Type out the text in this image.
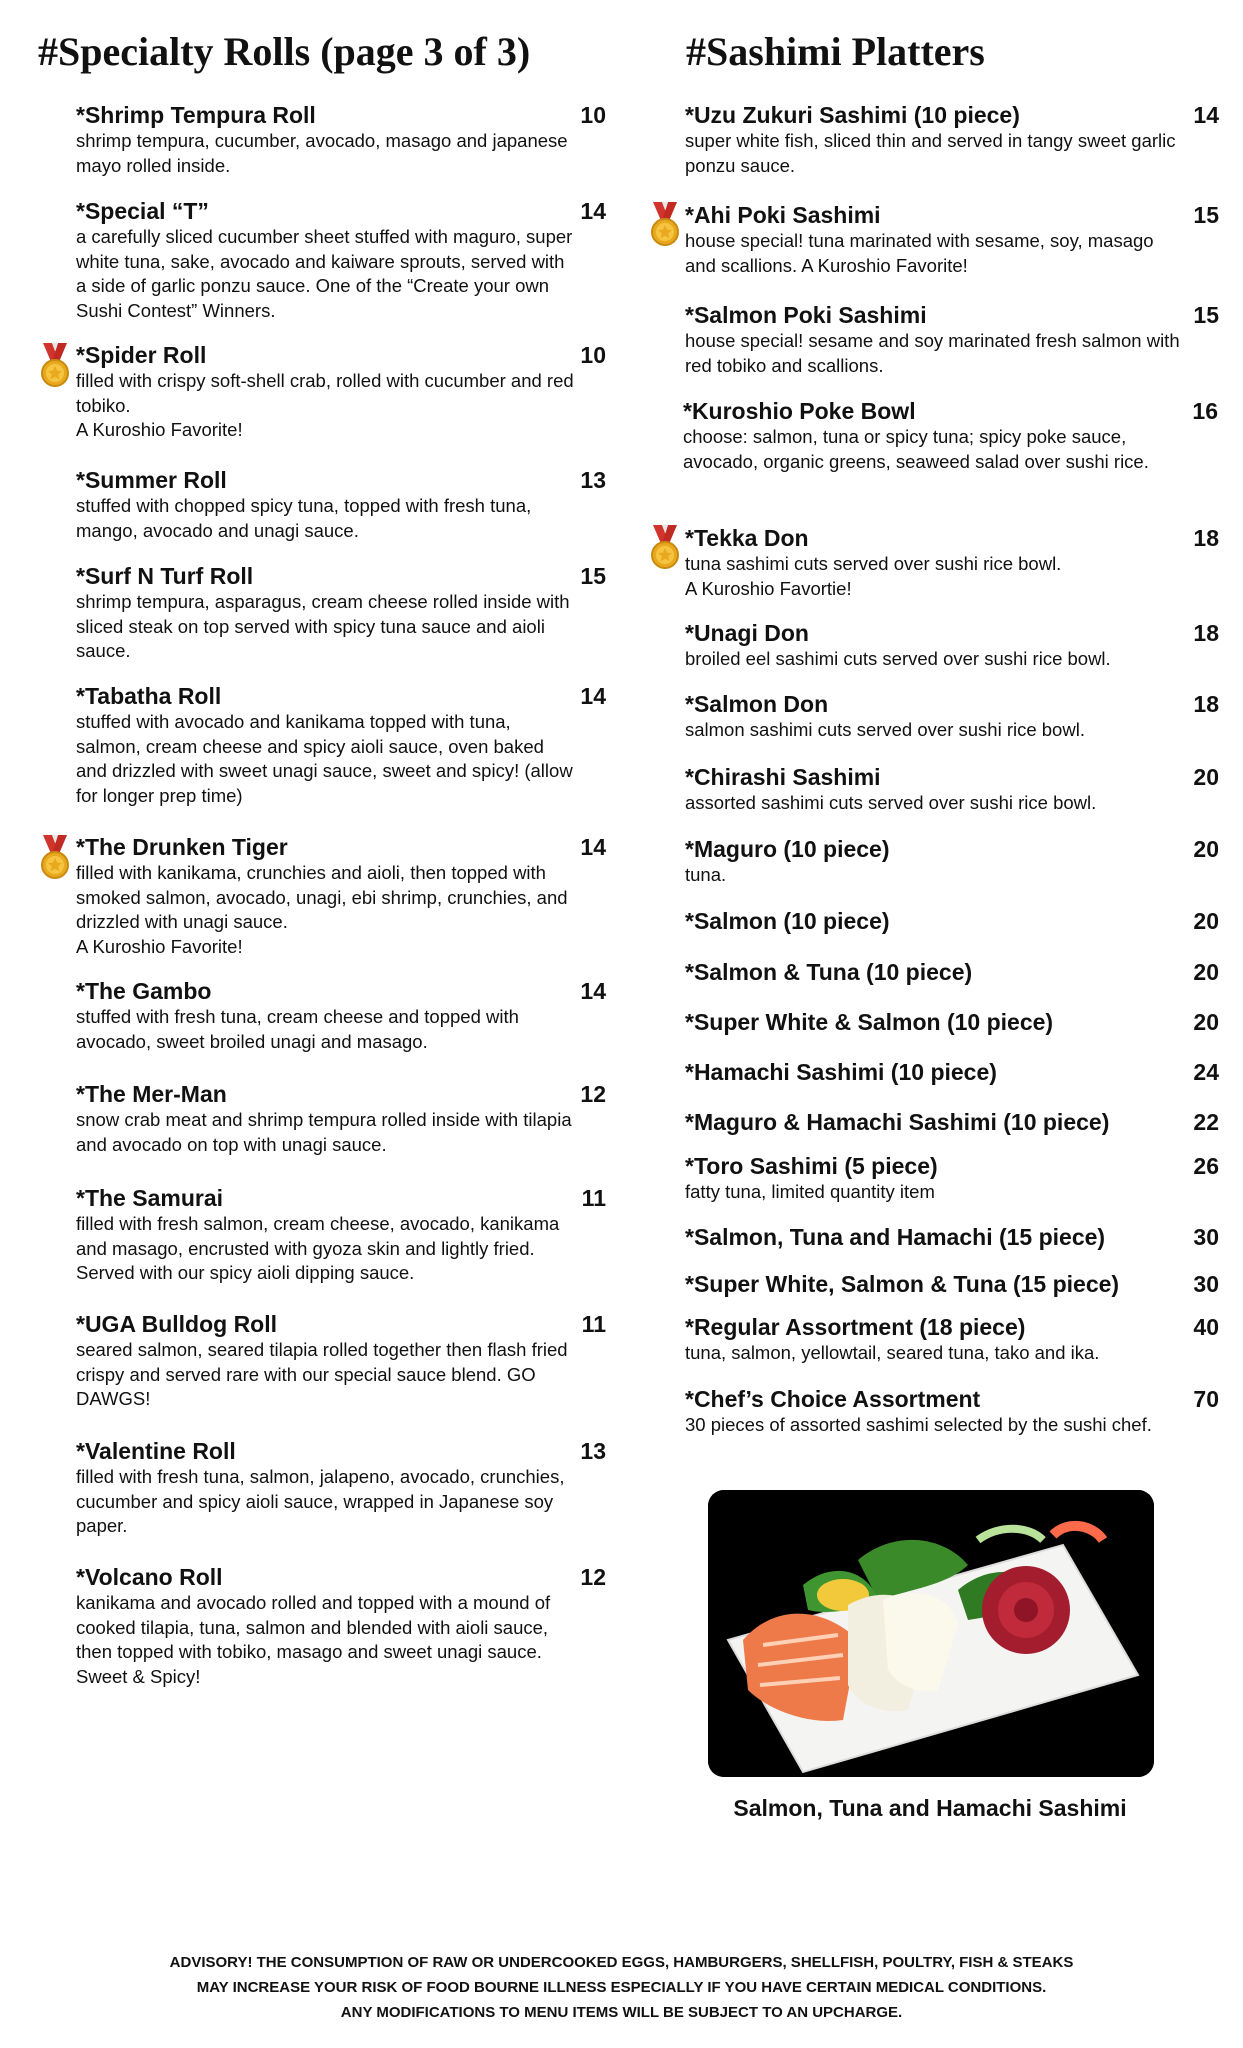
#Specialty Rolls (page 3 of 3)
*Shrimp Tempura Roll	10
shrimp tempura, cucumber, avocado, masago and japanese mayo rolled inside.
*Special “T”	14
a carefully sliced cucumber sheet stuffed with maguro, super white tuna, sake, avocado and kaiware sprouts, served with a side of garlic ponzu sauce. One of the “Create your own Sushi Contest” Winners.
*Spider Roll	10
filled with crispy soft-shell crab, rolled with cucumber and red tobiko.
A Kuroshio Favorite!
*Summer Roll	13
stuffed with chopped spicy tuna, topped with fresh tuna, mango, avocado and unagi sauce.
*Surf N Turf Roll	15
shrimp tempura, asparagus, cream cheese rolled inside with sliced steak on top served with spicy tuna sauce and aioli sauce.
*Tabatha Roll	14
stuffed with avocado and kanikama topped with tuna, salmon, cream cheese and spicy aioli sauce, oven baked and drizzled with sweet unagi sauce, sweet and spicy! (allow for longer prep time)
*The Drunken Tiger	14
filled with kanikama, crunchies and aioli, then topped with smoked salmon, avocado, unagi, ebi shrimp, crunchies, and drizzled with unagi sauce.
A Kuroshio Favorite!
*The Gambo	14
stuffed with fresh tuna, cream cheese and topped with avocado, sweet broiled unagi and masago.
*The Mer-Man	12
snow crab meat and shrimp tempura rolled inside with tilapia and avocado on top with unagi sauce.
*The Samurai	11
filled with fresh salmon, cream cheese, avocado, kanikama and masago, encrusted with gyoza skin and lightly fried. Served with our spicy aioli dipping sauce.
*UGA Bulldog Roll	11
seared salmon, seared tilapia rolled together then flash fried crispy and served rare with our special sauce blend. GO DAWGS!
*Valentine Roll	13
filled with fresh tuna, salmon, jalapeno, avocado, crunchies, cucumber and spicy aioli sauce, wrapped in Japanese soy paper.
*Volcano Roll	12
kanikama and avocado rolled and topped with a mound of cooked tilapia, tuna, salmon and blended with aioli sauce, then topped with tobiko, masago and sweet unagi sauce. Sweet & Spicy!
#Sashimi Platters
*Uzu Zukuri Sashimi (10 piece)	14
super white fish, sliced thin and served in tangy sweet garlic ponzu sauce.
*Ahi Poki Sashimi	15
house special! tuna marinated with sesame, soy, masago and scallions. A Kuroshio Favorite!
*Salmon Poki Sashimi	15
house special! sesame and soy marinated fresh salmon with red tobiko and scallions.
*Kuroshio Poke Bowl	16
choose: salmon, tuna or spicy tuna; spicy poke sauce, avocado, organic greens, seaweed salad over sushi rice.
*Tekka Don	18
tuna sashimi cuts served over sushi rice bowl.
A Kuroshio Favortie!
*Unagi Don	18
broiled eel sashimi cuts served over sushi rice bowl.
*Salmon Don	18
salmon sashimi cuts served over sushi rice bowl.
*Chirashi Sashimi	20
assorted sashimi cuts served over sushi rice bowl.
*Maguro (10 piece)	20
tuna.
*Salmon (10 piece)	20
*Salmon & Tuna (10 piece)	20
*Super White & Salmon (10 piece)	20
*Hamachi Sashimi (10 piece)	24
*Maguro & Hamachi Sashimi (10 piece)	22
*Toro Sashimi (5 piece)	26
fatty tuna, limited quantity item
*Salmon, Tuna and Hamachi (15 piece)	30
*Super White, Salmon & Tuna (15 piece)	30
*Regular Assortment (18 piece)	40
tuna, salmon, yellowtail, seared tuna, tako and ika.
*Chef’s Choice Assortment	70
30 pieces of assorted sashimi selected by the sushi chef.
Salmon, Tuna and Hamachi Sashimi
ADVISORY! THE CONSUMPTION OF RAW OR UNDERCOOKED EGGS, HAMBURGERS, SHELLFISH, POULTRY, FISH & STEAKS
MAY INCREASE YOUR RISK OF FOOD BOURNE ILLNESS ESPECIALLY IF YOU HAVE CERTAIN MEDICAL CONDITIONS.
ANY MODIFICATIONS TO MENU ITEMS WILL BE SUBJECT TO AN UPCHARGE.
